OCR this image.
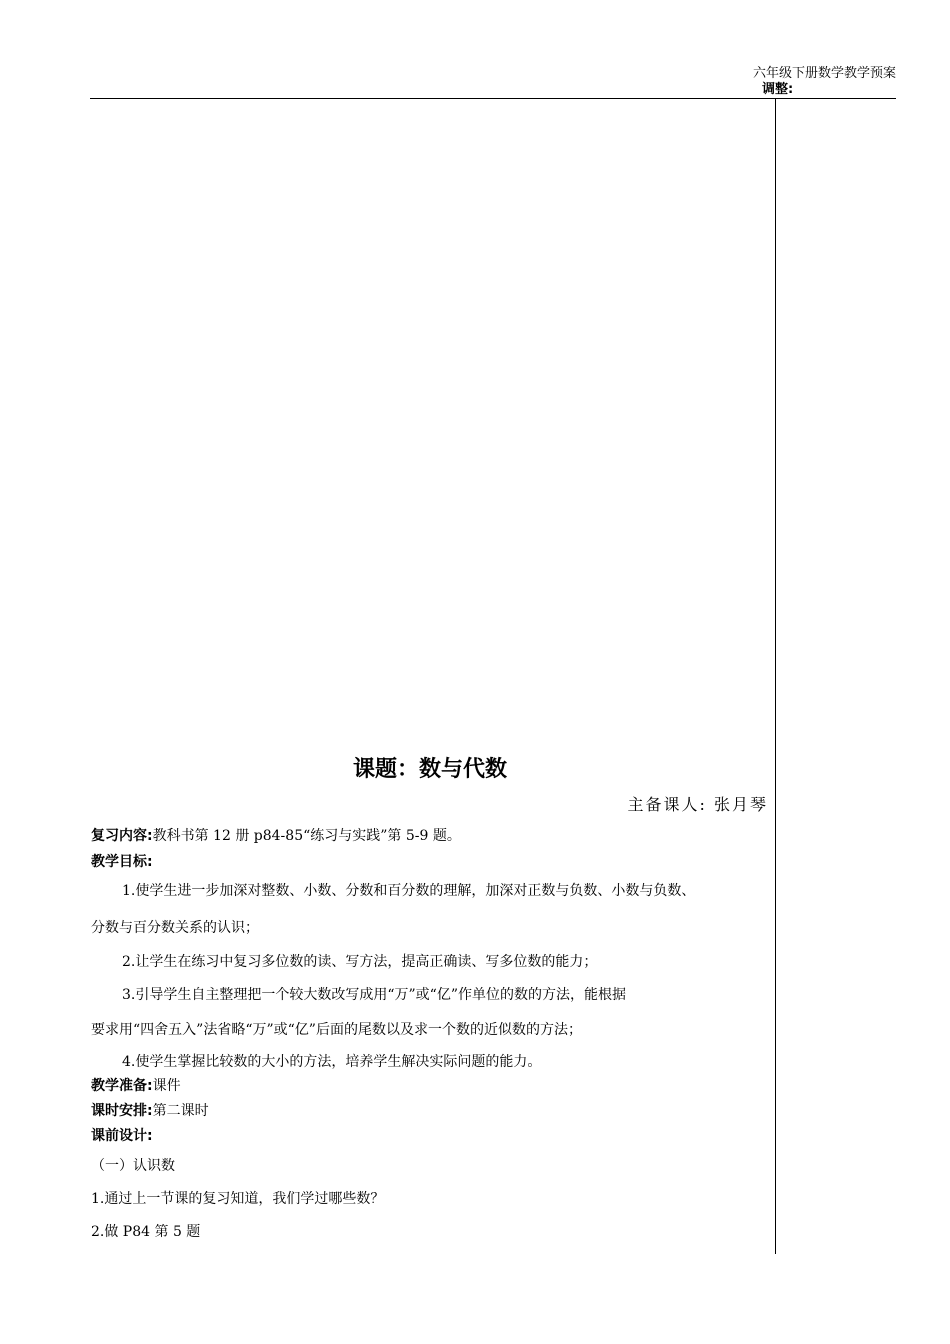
六年级下册数学教学预案
调整:
课题：数与代数
主备课人: 张月琴
复习内容:教科书第 12 册 p84-85“练习与实践”第 5-9 题。
教学目标:
1.使学生进一步加深对整数、小数、分数和百分数的理解，加深对正数与负数、小数与负数、
分数与百分数关系的认识；
2.让学生在练习中复习多位数的读、写方法，提高正确读、写多位数的能力；
3.引导学生自主整理把一个较大数改写成用“万”或“亿”作单位的数的方法，能根据
要求用“四舍五入”法省略“万”或“亿”后面的尾数以及求一个数的近似数的方法；
4.使学生掌握比较数的大小的方法，培养学生解决实际问题的能力。
教学准备:课件
课时安排:第二课时
课前设计:
（一）认识数
1.通过上一节课的复习知道，我们学过哪些数？
2.做 P84 第 5 题
